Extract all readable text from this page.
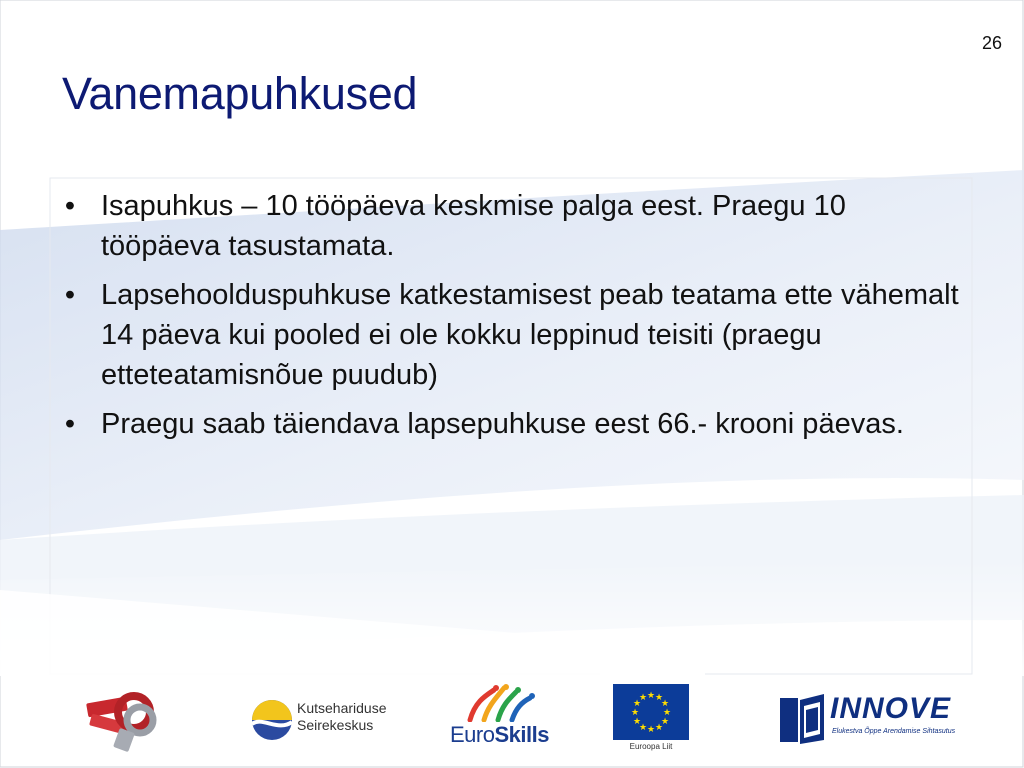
26
Vanemapuhkused
• Isapuhkus – 10 tööpäeva keskmise palga eest. Praegu 10 tööpäeva tasustamata.
• Lapsehoolduspuhkuse katkestamisest peab teatama ette vähemalt 14 päeva kui pooled ei ole kokku leppinud teisiti (praegu etteteatamisnõue puudub)
• Praegu saab täiendava lapsepuhkuse eest 66.- krooni päevas.
Kutsehariduse
Seirekeskus	EuroSkills
★ ★
★
★
★
★
★
★
★
★
★
★
Euroopa Liit
INNOVE
Elukestva Õppe Arendamise Sihtasutus
